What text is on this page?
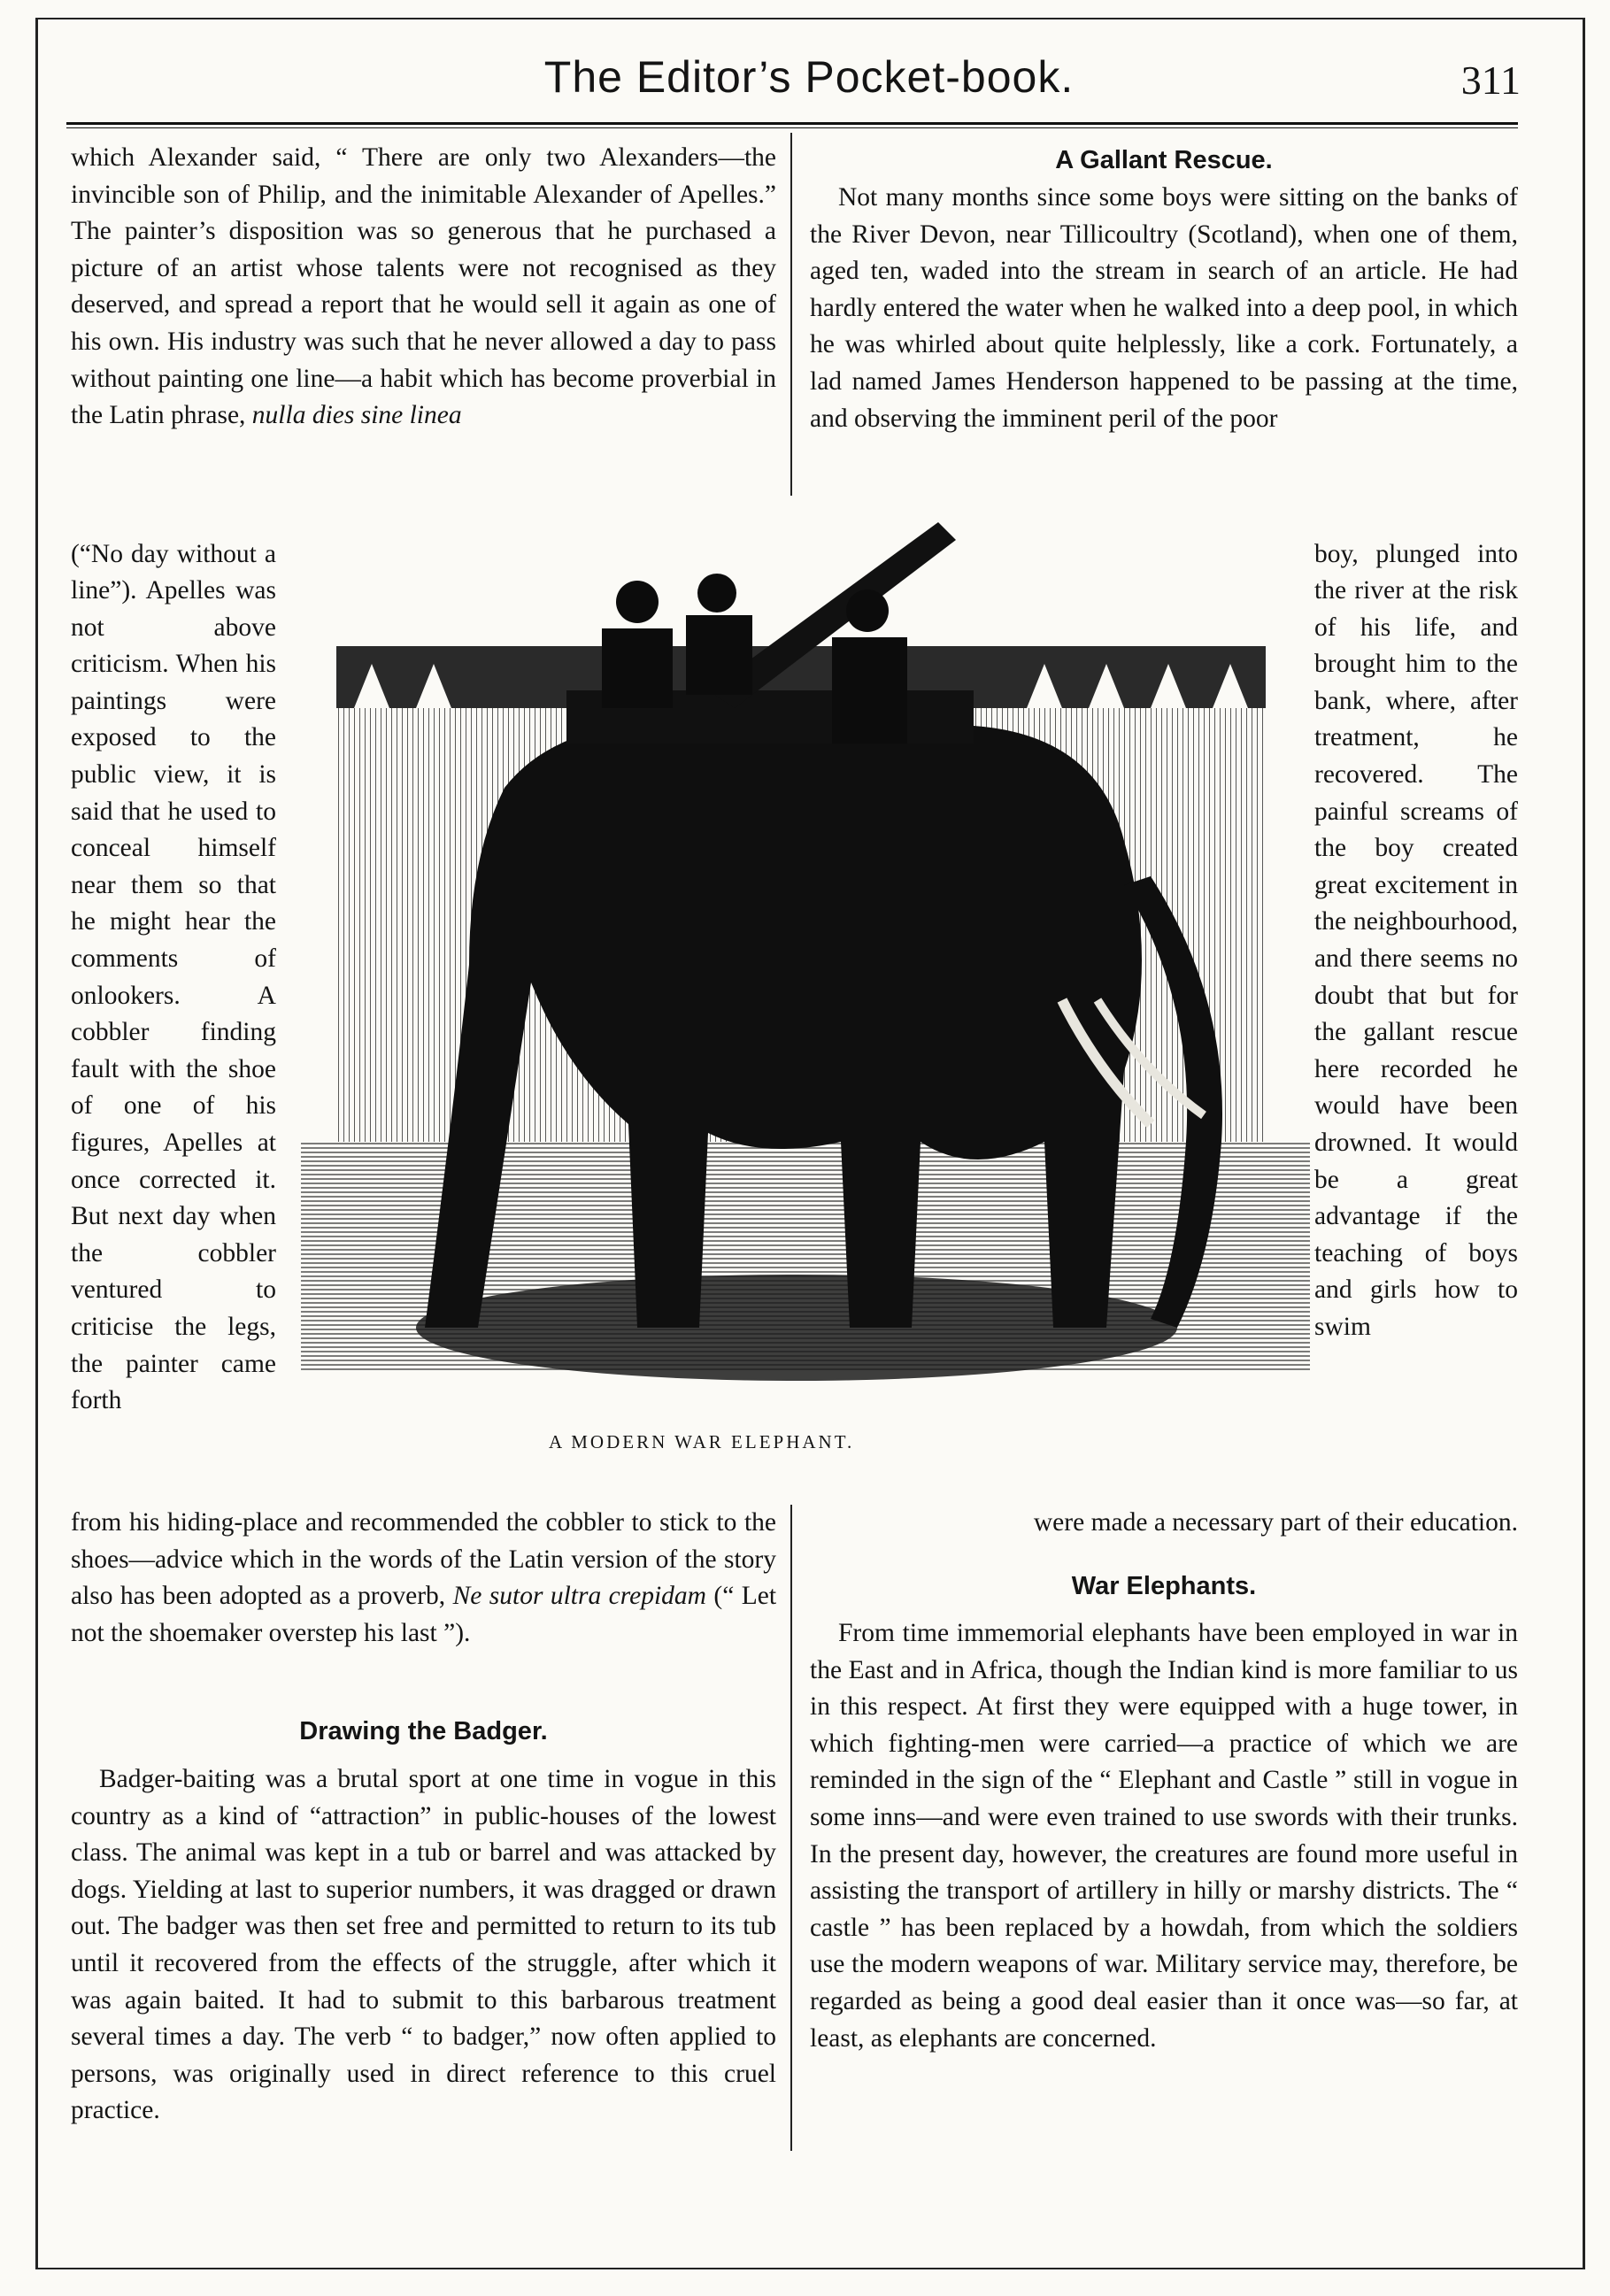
The Editor’s Pocket-book.	311

which Alexander said, “ There are only two Alexanders—the invincible son of Philip, and the inimitable Alexander of Apelles.” The painter’s disposition was so generous that he purchased a picture of an artist whose talents were not recognised as they deserved, and spread a report that he would sell it again as one of his own. His industry was such that he never allowed a day to pass without painting one line—a habit which has become proverbial in the Latin phrase, nulla dies sine linea

(“No day without a line”). Apelles was not above criticism. When his paintings were exposed to the public view, it is said that he used to conceal himself near them so that he might hear the comments of onlookers. A cobbler finding fault with the shoe of one of his figures, Apelles at once corrected it. But next day when the cobbler ventured to criticise the legs, the painter came forth

from his hiding-place and recommended the cobbler to stick to the shoes—advice which in the words of the Latin version of the story also has been adopted as a proverb, Ne sutor ultra crepidam (“ Let not the shoemaker overstep his last ”).

Drawing the Badger.

Badger-baiting was a brutal sport at one time in vogue in this country as a kind of “attraction” in public-houses of the lowest class. The animal was kept in a tub or barrel and was attacked by dogs. Yielding at last to superior numbers, it was dragged or drawn out. The badger was then set free and permitted to return to its tub until it recovered from the effects of the struggle, after which it was again baited. It had to submit to this barbarous treatment several times a day. The verb “ to badger,” now often applied to persons, was originally used in direct reference to this cruel practice.

A Gallant Rescue.

Not many months since some boys were sitting on the banks of the River Devon, near Tillicoultry (Scotland), when one of them, aged ten, waded into the stream in search of an article. He had hardly entered the water when he walked into a deep pool, in which he was whirled about quite helplessly, like a cork. Fortunately, a lad named James Henderson happened to be passing at the time, and observing the imminent peril of the poor

boy, plunged into the river at the risk of his life, and brought him to the bank, where, after treatment, he recovered. The painful screams of the boy created great excitement in the neighbourhood, and there seems no doubt that but for the gallant rescue here recorded he would have been drowned. It would be a great advantage if the teaching of boys and girls how to swim

were made a necessary part of their education.

War Elephants.

From time immemorial elephants have been employed in war in the East and in Africa, though the Indian kind is more familiar to us in this respect. At first they were equipped with a huge tower, in which fighting-men were carried—a practice of which we are reminded in the sign of the “ Elephant and Castle ” still in vogue in some inns—and were even trained to use swords with their trunks. In the present day, however, the creatures are found more useful in assisting the transport of artillery in hilly or marshy districts. The “ castle ” has been replaced by a howdah, from which the soldiers use the modern weapons of war. Military service may, therefore, be regarded as being a good deal easier than it once was—so far, at least, as elephants are concerned.

A MODERN WAR ELEPHANT.
